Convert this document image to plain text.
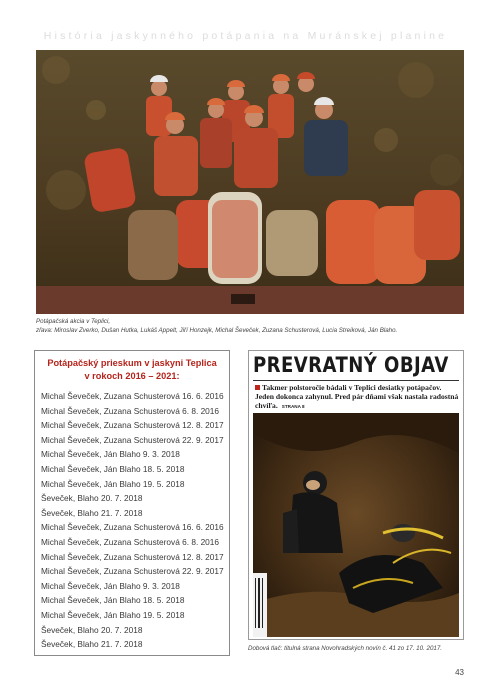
História jaskynného potápania na Muránskej planine
Potápačská akcia v Teplici,
zľava: Miroslav Zverko, Dušan Hutka, Lukáš Appelt, Jiří Honzejk, Michal Ševeček, Zuzana Schusterová, Lucia Streiková, Ján Blaho.
Potápačský prieskum v jaskyni Teplica
v rokoch 2016 – 2021:
Michal Ševeček, Zuzana Schusterová 16. 6. 2016
Michal Ševeček, Zuzana Schusterová 6. 8. 2016
Michal Ševeček, Zuzana Schusterová 12. 8. 2017
Michal Ševeček, Zuzana Schusterová 22. 9. 2017
Michal Ševeček, Ján Blaho 9. 3. 2018
Michal Ševeček, Ján Blaho 18. 5. 2018
Michal Ševeček, Ján Blaho 19. 5. 2018
Ševeček, Blaho 20. 7. 2018
Ševeček, Blaho 21. 7. 2018
Michal Ševeček, Zuzana Schusterová 16. 6. 2016
Michal Ševeček, Zuzana Schusterová 6. 8. 2016
Michal Ševeček, Zuzana Schusterová 12. 8. 2017
Michal Ševeček, Zuzana Schusterová 22. 9. 2017
Michal Ševeček, Ján Blaho 9. 3. 2018
Michal Ševeček, Ján Blaho 18. 5. 2018
Michal Ševeček, Ján Blaho 19. 5. 2018
Ševeček, Blaho 20. 7. 2018
Ševeček, Blaho 21. 7. 2018
PREVRATNÝ OBJAV
Takmer polstoročie bádali v Teplici desiatky potápačov. Jeden dokonca zahynul. Pred pár dňami však nastala radostná chvíľa. STRANA 8
Dobová tlač: titulná strana Novohradských novín č. 41 zo 17. 10. 2017.
43
